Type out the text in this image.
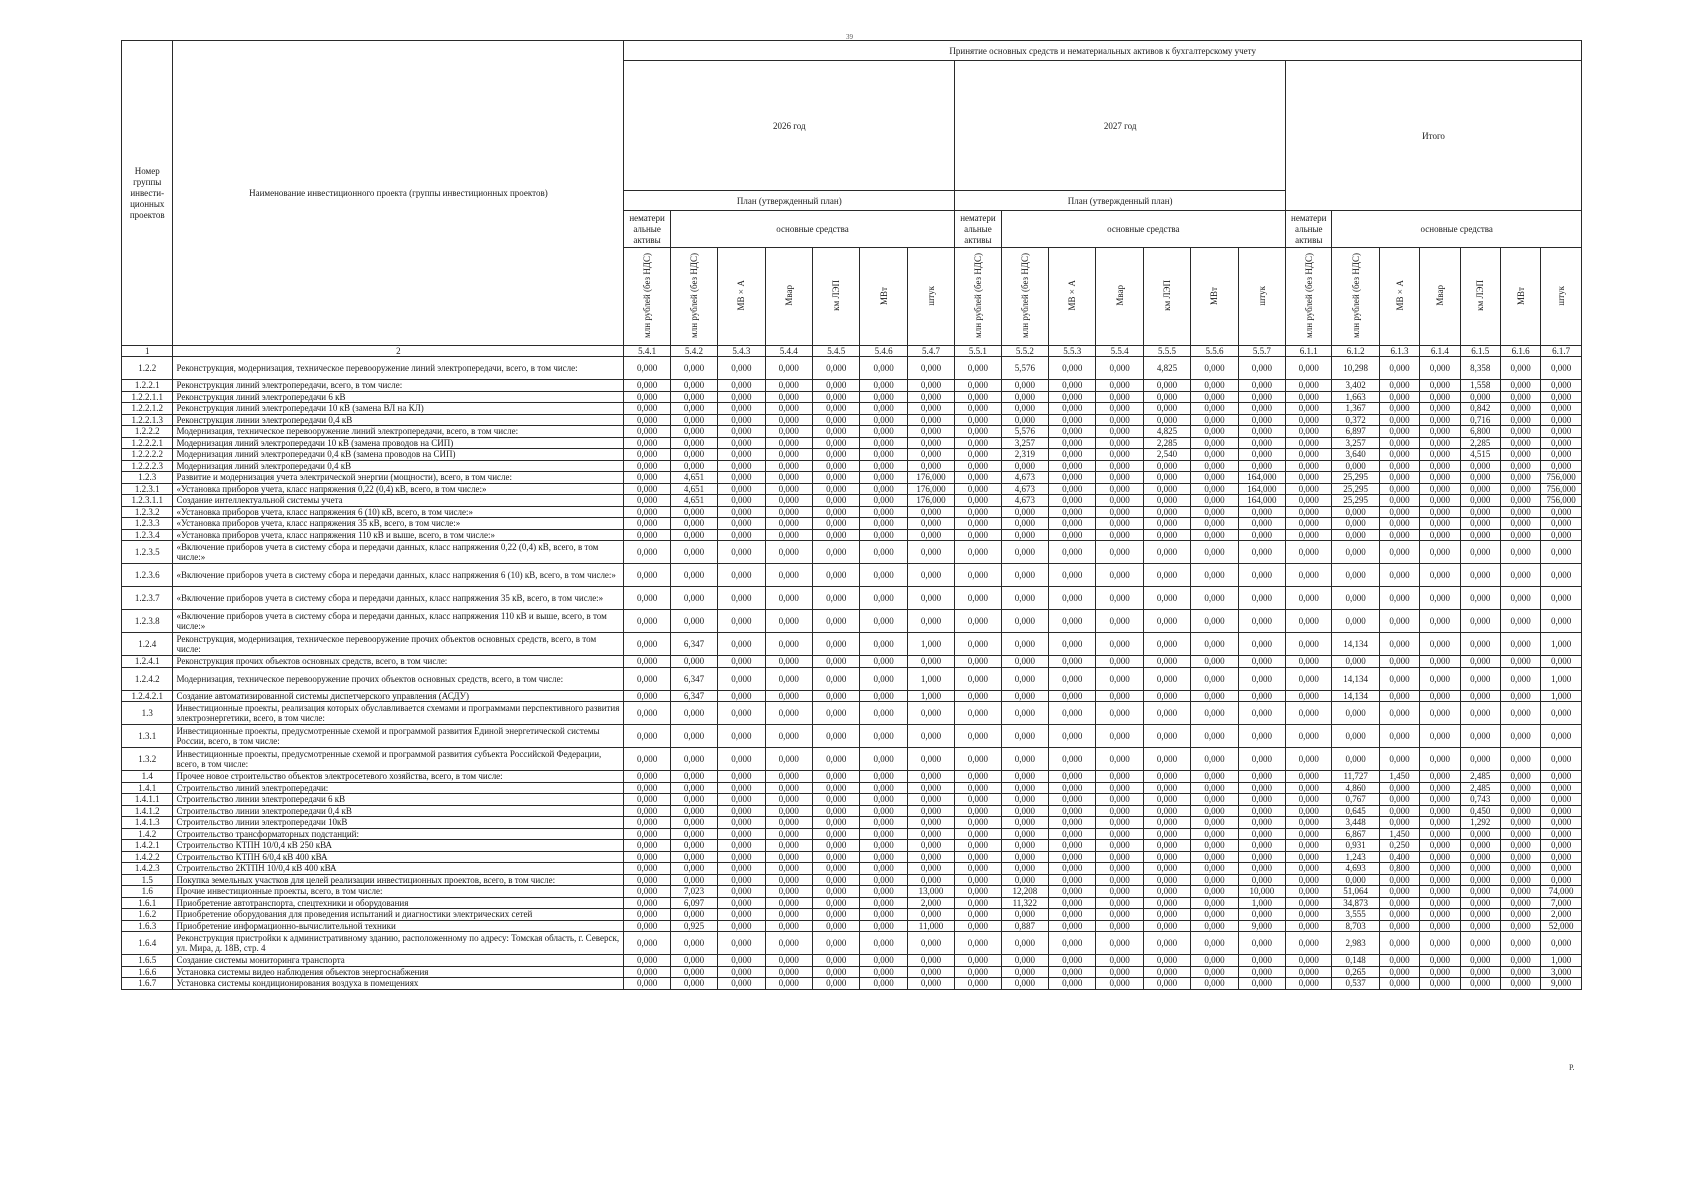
39
Номер группы инвести-ционных проектов	Наименование инвестиционного проекта (группы инвестиционных проектов)	Принятие основных средств и нематериальных активов к бухгалтерскому учету																				
		2026 год							2027 год							Итого						
		План (утвержденный план)							План (утвержденный план)													
		нематери альные активы	основные средства						нематери альные активы	основные средства						нематери альные активы	основные средства					
		млн рублей (без НДС)	млн рублей (без НДС)	МВ×А	Мвар	км ЛЭП	МВт	штук	млн рублей (без НДС)	млн рублей (без НДС)	МВ×А	Мвар	км ЛЭП	МВт	штук	млн рублей (без НДС)	млн рублей (без НДС)	МВ×А	Мвар	км ЛЭП	МВт	штук
1	2	5.4.1	5.4.2	5.4.3	5.4.4	5.4.5	5.4.6	5.4.7	5.5.1	5.5.2	5.5.3	5.5.4	5.5.5	5.5.6	5.5.7	6.1.1	6.1.2	6.1.3	6.1.4	6.1.5	6.1.6	6.1.7
1.2.2	Реконструкция, модернизация, техническое перевооружение линий электропередачи, всего, в том числе:	0,000	0,000	0,000	0,000	0,000	0,000	0,000	0,000	5,576	0,000	0,000	4,825	0,000	0,000	0,000	10,298	0,000	0,000	8,358	0,000	0,000
1.2.2.1	Реконструкция линий электропередачи, всего, в том числе:	0,000	0,000	0,000	0,000	0,000	0,000	0,000	0,000	0,000	0,000	0,000	0,000	0,000	0,000	0,000	3,402	0,000	0,000	1,558	0,000	0,000
1.2.2.1.1	Реконструкция линий электропередачи 6 кВ	0,000	0,000	0,000	0,000	0,000	0,000	0,000	0,000	0,000	0,000	0,000	0,000	0,000	0,000	0,000	1,663	0,000	0,000	0,000	0,000	0,000
1.2.2.1.2	Реконструкция линий электропередачи 10 кВ (замена ВЛ на КЛ)	0,000	0,000	0,000	0,000	0,000	0,000	0,000	0,000	0,000	0,000	0,000	0,000	0,000	0,000	0,000	1,367	0,000	0,000	0,842	0,000	0,000
1.2.2.1.3	Реконструкция линии электропередачи 0,4 кВ	0,000	0,000	0,000	0,000	0,000	0,000	0,000	0,000	0,000	0,000	0,000	0,000	0,000	0,000	0,000	0,372	0,000	0,000	0,716	0,000	0,000
1.2.2.2	Модернизация, техническое перевооружение линий электропередачи, всего, в том числе:	0,000	0,000	0,000	0,000	0,000	0,000	0,000	0,000	5,576	0,000	0,000	4,825	0,000	0,000	0,000	6,897	0,000	0,000	6,800	0,000	0,000
1.2.2.2.1	Модернизация линий электропередачи 10 кВ (замена проводов на СИП)	0,000	0,000	0,000	0,000	0,000	0,000	0,000	0,000	3,257	0,000	0,000	2,285	0,000	0,000	0,000	3,257	0,000	0,000	2,285	0,000	0,000
1.2.2.2.2	Модернизация линий электропередачи 0,4 кВ (замена проводов на СИП)	0,000	0,000	0,000	0,000	0,000	0,000	0,000	0,000	2,319	0,000	0,000	2,540	0,000	0,000	0,000	3,640	0,000	0,000	4,515	0,000	0,000
1.2.2.2.3	Модернизация линий электропередачи 0,4 кВ	0,000	0,000	0,000	0,000	0,000	0,000	0,000	0,000	0,000	0,000	0,000	0,000	0,000	0,000	0,000	0,000	0,000	0,000	0,000	0,000	0,000
1.2.3	Развитие и модернизация учета электрической энергии (мощности), всего, в том числе:	0,000	4,651	0,000	0,000	0,000	0,000	176,000	0,000	4,673	0,000	0,000	0,000	0,000	164,000	0,000	25,295	0,000	0,000	0,000	0,000	756,000
1.2.3.1	«Установка приборов учета, класс напряжения 0,22 (0,4) кВ, всего, в том числе:»	0,000	4,651	0,000	0,000	0,000	0,000	176,000	0,000	4,673	0,000	0,000	0,000	0,000	164,000	0,000	25,295	0,000	0,000	0,000	0,000	756,000
1.2.3.1.1	Создание интеллектуальной системы учета	0,000	4,651	0,000	0,000	0,000	0,000	176,000	0,000	4,673	0,000	0,000	0,000	0,000	164,000	0,000	25,295	0,000	0,000	0,000	0,000	756,000
1.2.3.2	«Установка приборов учета, класс напряжения 6 (10) кВ, всего, в том числе:»	0,000	0,000	0,000	0,000	0,000	0,000	0,000	0,000	0,000	0,000	0,000	0,000	0,000	0,000	0,000	0,000	0,000	0,000	0,000	0,000	0,000
1.2.3.3	«Установка приборов учета, класс напряжения 35 кВ, всего, в том числе:»	0,000	0,000	0,000	0,000	0,000	0,000	0,000	0,000	0,000	0,000	0,000	0,000	0,000	0,000	0,000	0,000	0,000	0,000	0,000	0,000	0,000
1.2.3.4	«Установка приборов учета, класс напряжения 110 кВ и выше, всего, в том числе:»	0,000	0,000	0,000	0,000	0,000	0,000	0,000	0,000	0,000	0,000	0,000	0,000	0,000	0,000	0,000	0,000	0,000	0,000	0,000	0,000	0,000
1.2.3.5	«Включение приборов учета в систему сбора и передачи данных, класс напряжения 0,22 (0,4) кВ, всего, в том числе:»	0,000	0,000	0,000	0,000	0,000	0,000	0,000	0,000	0,000	0,000	0,000	0,000	0,000	0,000	0,000	0,000	0,000	0,000	0,000	0,000	0,000
1.2.3.6	«Включение приборов учета в систему сбора и передачи данных, класс напряжения 6 (10) кВ, всего, в том числе:»	0,000	0,000	0,000	0,000	0,000	0,000	0,000	0,000	0,000	0,000	0,000	0,000	0,000	0,000	0,000	0,000	0,000	0,000	0,000	0,000	0,000
1.2.3.7	«Включение приборов учета в систему сбора и передачи данных, класс напряжения 35 кВ, всего, в том числе:»	0,000	0,000	0,000	0,000	0,000	0,000	0,000	0,000	0,000	0,000	0,000	0,000	0,000	0,000	0,000	0,000	0,000	0,000	0,000	0,000	0,000
1.2.3.8	«Включение приборов учета в систему сбора и передачи данных, класс напряжения 110 кВ и выше, всего, в том числе:»	0,000	0,000	0,000	0,000	0,000	0,000	0,000	0,000	0,000	0,000	0,000	0,000	0,000	0,000	0,000	0,000	0,000	0,000	0,000	0,000	0,000
1.2.4	Реконструкция, модернизация, техническое перевооружение прочих объектов основных средств, всего, в том числе:	0,000	6,347	0,000	0,000	0,000	0,000	1,000	0,000	0,000	0,000	0,000	0,000	0,000	0,000	0,000	14,134	0,000	0,000	0,000	0,000	1,000
1.2.4.1	Реконструкция прочих объектов основных средств, всего, в том числе:	0,000	0,000	0,000	0,000	0,000	0,000	0,000	0,000	0,000	0,000	0,000	0,000	0,000	0,000	0,000	0,000	0,000	0,000	0,000	0,000	0,000
1.2.4.2	Модернизация, техническое перевооружение прочих объектов основных средств, всего, в том числе:	0,000	6,347	0,000	0,000	0,000	0,000	1,000	0,000	0,000	0,000	0,000	0,000	0,000	0,000	0,000	14,134	0,000	0,000	0,000	0,000	1,000
1.2.4.2.1	Создание автоматизированной системы диспетчерского управления (АСДУ)	0,000	6,347	0,000	0,000	0,000	0,000	1,000	0,000	0,000	0,000	0,000	0,000	0,000	0,000	0,000	14,134	0,000	0,000	0,000	0,000	1,000
1.3	Инвестиционные проекты, реализация которых обуславливается схемами и программами перспективного развития электроэнергетики, всего, в том числе:	0,000	0,000	0,000	0,000	0,000	0,000	0,000	0,000	0,000	0,000	0,000	0,000	0,000	0,000	0,000	0,000	0,000	0,000	0,000	0,000	0,000
1.3.1	Инвестиционные проекты, предусмотренные схемой и программой развития Единой энергетической системы России, всего, в том числе:	0,000	0,000	0,000	0,000	0,000	0,000	0,000	0,000	0,000	0,000	0,000	0,000	0,000	0,000	0,000	0,000	0,000	0,000	0,000	0,000	0,000
1.3.2	Инвестиционные проекты, предусмотренные схемой и программой развития субъекта Российской Федерации, всего, в том числе:	0,000	0,000	0,000	0,000	0,000	0,000	0,000	0,000	0,000	0,000	0,000	0,000	0,000	0,000	0,000	0,000	0,000	0,000	0,000	0,000	0,000
1.4	Прочее новое строительство объектов электросетевого хозяйства, всего, в том числе:	0,000	0,000	0,000	0,000	0,000	0,000	0,000	0,000	0,000	0,000	0,000	0,000	0,000	0,000	0,000	11,727	1,450	0,000	2,485	0,000	0,000
1.4.1	Строительство линий электропередачи:	0,000	0,000	0,000	0,000	0,000	0,000	0,000	0,000	0,000	0,000	0,000	0,000	0,000	0,000	0,000	4,860	0,000	0,000	2,485	0,000	0,000
1.4.1.1	Строительство линии электропередачи 6 кВ	0,000	0,000	0,000	0,000	0,000	0,000	0,000	0,000	0,000	0,000	0,000	0,000	0,000	0,000	0,000	0,767	0,000	0,000	0,743	0,000	0,000
1.4.1.2	Строительство линии электропередачи 0,4 кВ	0,000	0,000	0,000	0,000	0,000	0,000	0,000	0,000	0,000	0,000	0,000	0,000	0,000	0,000	0,000	0,645	0,000	0,000	0,450	0,000	0,000
1.4.1.3	Строительство линии электропередачи 10кВ	0,000	0,000	0,000	0,000	0,000	0,000	0,000	0,000	0,000	0,000	0,000	0,000	0,000	0,000	0,000	3,448	0,000	0,000	1,292	0,000	0,000
1.4.2	Строительство трансформаторных подстанций:	0,000	0,000	0,000	0,000	0,000	0,000	0,000	0,000	0,000	0,000	0,000	0,000	0,000	0,000	0,000	6,867	1,450	0,000	0,000	0,000	0,000
1.4.2.1	Строительство КТПН 10/0,4 кВ 250 кВА	0,000	0,000	0,000	0,000	0,000	0,000	0,000	0,000	0,000	0,000	0,000	0,000	0,000	0,000	0,000	0,931	0,250	0,000	0,000	0,000	0,000
1.4.2.2	Строительство КТПН 6/0,4 кВ 400 кВА	0,000	0,000	0,000	0,000	0,000	0,000	0,000	0,000	0,000	0,000	0,000	0,000	0,000	0,000	0,000	1,243	0,400	0,000	0,000	0,000	0,000
1.4.2.3	Строительство 2КТПН 10/0,4 кВ 400 кВА	0,000	0,000	0,000	0,000	0,000	0,000	0,000	0,000	0,000	0,000	0,000	0,000	0,000	0,000	0,000	4,693	0,800	0,000	0,000	0,000	0,000
1.5	Покупка земельных участков для целей реализации инвестиционных проектов, всего, в том числе:	0,000	0,000	0,000	0,000	0,000	0,000	0,000	0,000	0,000	0,000	0,000	0,000	0,000	0,000	0,000	0,000	0,000	0,000	0,000	0,000	0,000
1.6	Прочие инвестиционные проекты, всего, в том числе:	0,000	7,023	0,000	0,000	0,000	0,000	13,000	0,000	12,208	0,000	0,000	0,000	0,000	10,000	0,000	51,064	0,000	0,000	0,000	0,000	74,000
1.6.1	Приобретение автотранспорта, спецтехники и оборудования	0,000	6,097	0,000	0,000	0,000	0,000	2,000	0,000	11,322	0,000	0,000	0,000	0,000	1,000	0,000	34,873	0,000	0,000	0,000	0,000	7,000
1.6.2	Приобретение оборудования для проведения испытаний и диагностики электрических сетей	0,000	0,000	0,000	0,000	0,000	0,000	0,000	0,000	0,000	0,000	0,000	0,000	0,000	0,000	0,000	3,555	0,000	0,000	0,000	0,000	2,000
1.6.3	Приобретение информационно-вычислительной техники	0,000	0,925	0,000	0,000	0,000	0,000	11,000	0,000	0,887	0,000	0,000	0,000	0,000	9,000	0,000	8,703	0,000	0,000	0,000	0,000	52,000
1.6.4	Реконструкция пристройки к административному зданию, расположенному по адресу: Томская область, г. Северск, ул. Мира, д. 18В, стр. 4	0,000	0,000	0,000	0,000	0,000	0,000	0,000	0,000	0,000	0,000	0,000	0,000	0,000	0,000	0,000	2,983	0,000	0,000	0,000	0,000	0,000
1.6.5	Создание системы мониторинга транспорта	0,000	0,000	0,000	0,000	0,000	0,000	0,000	0,000	0,000	0,000	0,000	0,000	0,000	0,000	0,000	0,148	0,000	0,000	0,000	0,000	1,000
1.6.6	Установка системы видео наблюдения объектов энергоснабжения	0,000	0,000	0,000	0,000	0,000	0,000	0,000	0,000	0,000	0,000	0,000	0,000	0,000	0,000	0,000	0,265	0,000	0,000	0,000	0,000	3,000
1.6.7	Установка системы кондиционирования воздуха в помещениях	0,000	0,000	0,000	0,000	0,000	0,000	0,000	0,000	0,000	0,000	0,000	0,000	0,000	0,000	0,000	0,537	0,000	0,000	0,000	0,000	9,000
Р.
